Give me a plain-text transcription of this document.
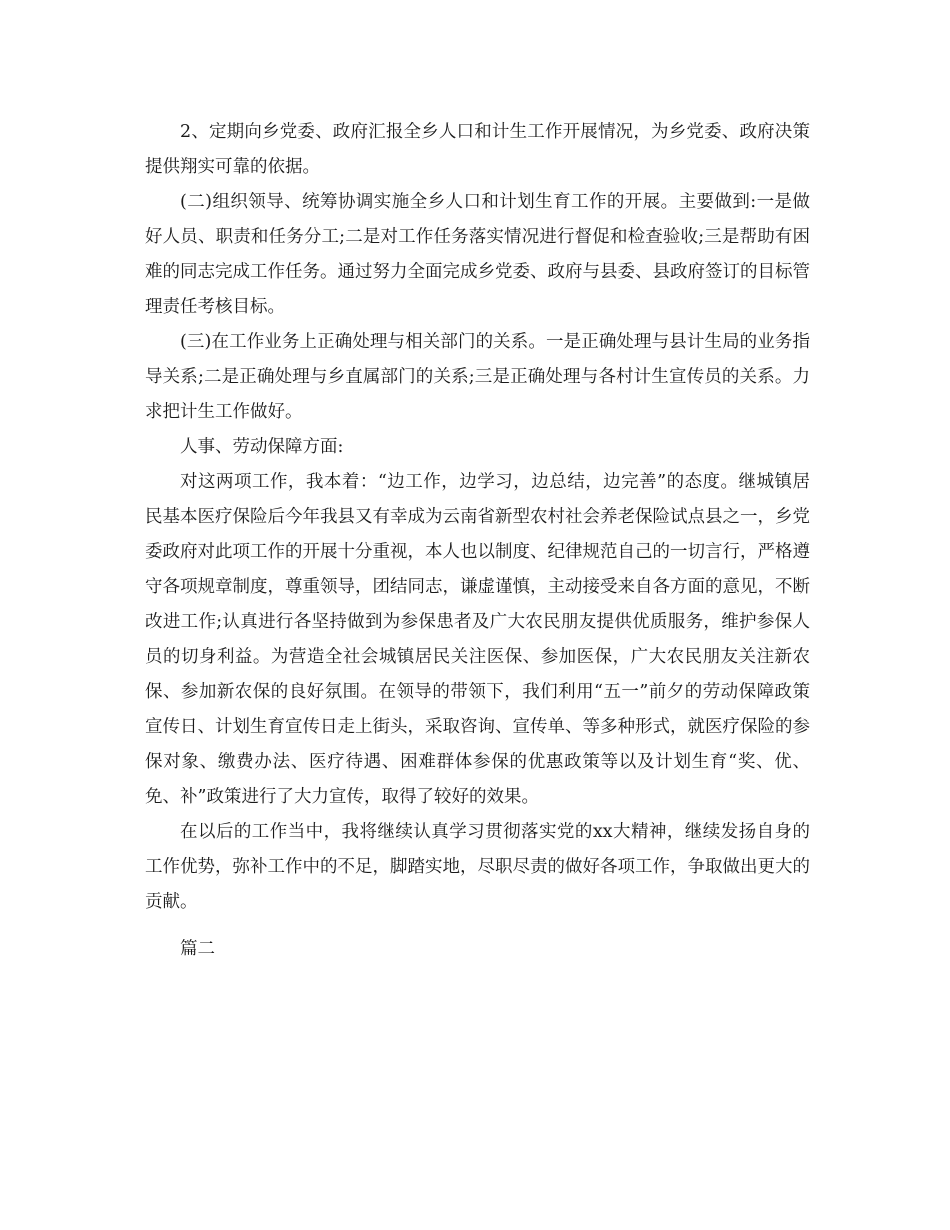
2、定期向乡党委、政府汇报全乡人口和计生工作开展情况，为乡党委、政府决策提供翔实可靠的依据。

(二)组织领导、统筹协调实施全乡人口和计划生育工作的开展。主要做到:一是做好人员、职责和任务分工;二是对工作任务落实情况进行督促和检查验收;三是帮助有困难的同志完成工作任务。通过努力全面完成乡党委、政府与县委、县政府签订的目标管理责任考核目标。

(三)在工作业务上正确处理与相关部门的关系。一是正确处理与县计生局的业务指导关系;二是正确处理与乡直属部门的关系;三是正确处理与各村计生宣传员的关系。力求把计生工作做好。

人事、劳动保障方面:

对这两项工作，我本着：“边工作，边学习，边总结，边完善”的态度。继城镇居民基本医疗保险后今年我县又有幸成为云南省新型农村社会养老保险试点县之一，乡党委政府对此项工作的开展十分重视，本人也以制度、纪律规范自己的一切言行，严格遵守各项规章制度，尊重领导，团结同志，谦虚谨慎，主动接受来自各方面的意见，不断改进工作;认真进行各坚持做到为参保患者及广大农民朋友提供优质服务，维护参保人员的切身利益。为营造全社会城镇居民关注医保、参加医保，广大农民朋友关注新农保、参加新农保的良好氛围。在领导的带领下，我们利用“五一”前夕的劳动保障政策宣传日、计划生育宣传日走上街头，采取咨询、宣传单、等多种形式，就医疗保险的参保对象、缴费办法、医疗待遇、困难群体参保的优惠政策等以及计划生育“奖、优、免、补”政策进行了大力宣传，取得了较好的效果。

在以后的工作当中，我将继续认真学习贯彻落实党的xx大精神，继续发扬自身的工作优势，弥补工作中的不足，脚踏实地，尽职尽责的做好各项工作，争取做出更大的贡献。

篇二
